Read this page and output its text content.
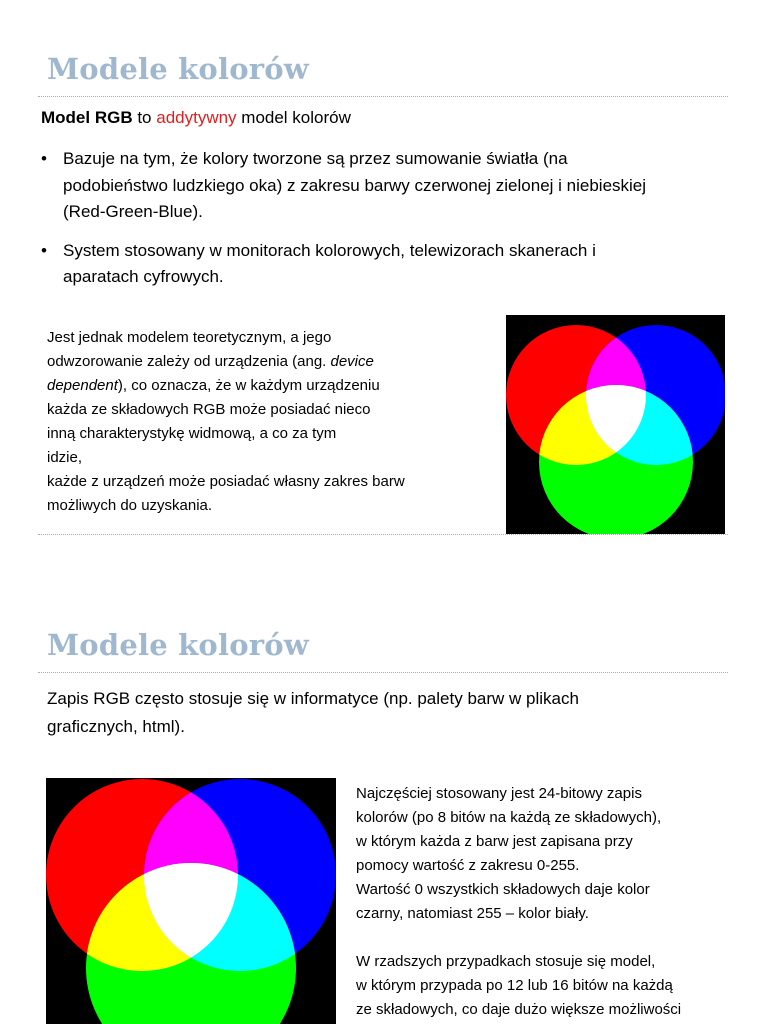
Modele kolorów
Model RGB to addytywny model kolorów
• Bazuje na tym, że kolory tworzone są przez sumowanie światła (na
podobieństwo ludzkiego oka) z zakresu barwy czerwonej zielonej i niebieskiej
(Red-Green-Blue).
• System stosowany w monitorach kolorowych, telewizorach skanerach i
aparatach cyfrowych.
Jest jednak modelem teoretycznym, a jego
odwzorowanie zależy od urządzenia (ang. device
dependent), co oznacza, że w każdym urządzeniu
każda ze składowych RGB może posiadać nieco
inną charakterystykę widmową, a co za tym
idzie,
każde z urządzeń może posiadać własny zakres barw
możliwych do uzyskania.
Modele kolorów
Zapis RGB często stosuje się w informatyce (np. palety barw w plikach
graficznych, html).
Najczęściej stosowany jest 24-bitowy zapis
kolorów (po 8 bitów na każdą ze składowych),
w którym każda z barw jest zapisana przy
pomocy wartość z zakresu 0-255.
Wartość 0 wszystkich składowych daje kolor
czarny, natomiast 255 – kolor biały.
W rzadszych przypadkach stosuje się model,
w którym przypada po 12 lub 16 bitów na każdą
ze składowych, co daje dużo większe możliwości
